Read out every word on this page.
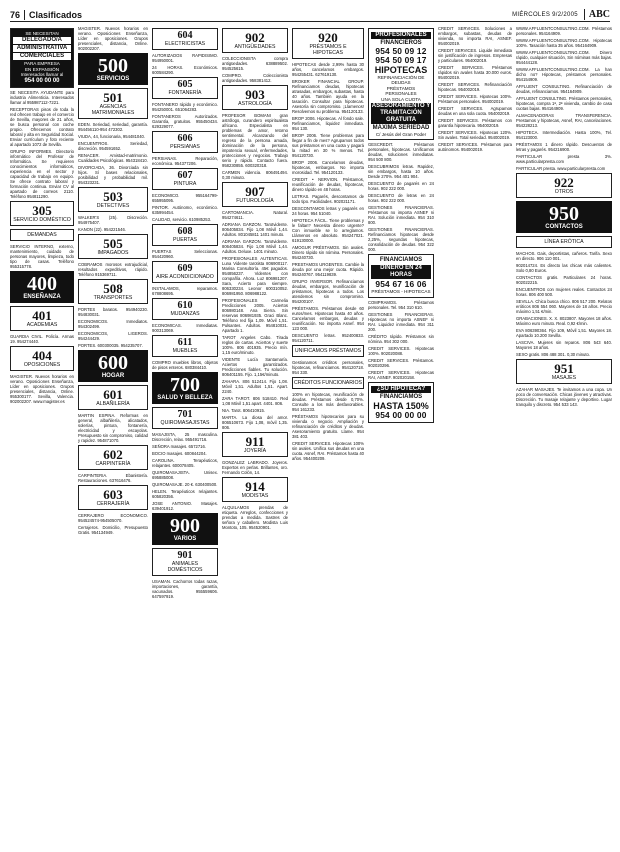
76	Clasificados	MIÉRCOLES 9/2/2005	ABC
SE NECESITAN
DELEGADO/A
ADMINISTRATIVA
COMERCIALES
PARA EMPRESA
EN EXPANSIÓN
Interesados llamar al
954 00 00 00

SE NECESITA AYUDANTE para industria Alimenticia. Interesados llamar al 955987112-7221.

RECEPTORAS pisos de toda la red ofrecen trabajo en el comercio de Sevilla, mayores de 21 años, se busca personal con coche propio. Ofrecemos contrato laboral y alta en Seguridad Social. Enviar currículum y foto reciente al apartado 1072 de Sevilla.

GRUPO INFORMES. Directorio informático del Profesor de Informática. Se requieren conocimientos informáticos, experiencia en el sector y capacidad de trabajo en equipo. Se ofrece contrato laboral y formación continua. Enviar CV al apartado de correos 2110. Teléfono 954811290.

305
SERVICIO DOMÉSTICO
DEMANDAS

SERVICIO INTERNO, externo, mantenimiento, cuidado de personas mayores, limpieza, todo tipo de casas. Teléfono 955315778.

400
ENSEÑANZA
401
ACADEMIAS

GUARDIA CIVIL. Policía. Armas 19. 954274440.

404
OPOSICIONES

MAGISTER. Nuevos horarios en verano. Oposiciones Enseñanza, Líder en oposiciones. Grupos presenciales, distancia, Online. 955300177. Sevilla, Valencia. 902002207. www.magister.es

MAGISTER. Nuevos horarios en verano. Oposiciones Enseñanza, Líder en oposiciones. Grupos presenciales, distancia, Online. 902002207.

500
SERVICIOS
501
AGENCIAS MATRIMONIALES

EDEN. Seriedad, seriedad, garantía. 954456110-954 472302.

VIUDA, 44, funcionaria, 954481040.

ENCUENTROS. Seriedad, discreción. 954591652.

RENACER. Amistad-matrimonio. Cualidades Psicológicas. 954318410.

DIVORCIADA, 36. Divorciada sin hijos. Sí bases relacionales, posibilidad y probabilidad mil. 954323231.

503
DETECTIVES

WALKER'S (25). Discreción. 954975407.

KANON (22). 954221546.

505
IMPAGADOS

COBRAMOS morosos extrajudicial, resultados expeditivos, rápido. Teléfono 915369711.

508
TRANSPORTES

PORTES baratos. 954940230. 954830031.

ECONOMICOS. Inmediatos. 954302499.

ECONOMICOS, LIGEROS. 954244429.

PORTES. 600300035. 954235707.

600
HOGAR
601
ALBAÑILERÍA

MARTIN ESPINA. Reformas en general, albañilería, alicatados, solerías, pintura, fontanería, electricidad y escayolas. Presupuesto sin compromiso, calidad y rapidez. 954871070.

602
CARPINTERÍA

CARPINTERIA. Ebanistería. Restauraciones. 637616476.

603
CERRAJERÍA

CERRAJERO ECONOMICO. 954524574-954505070.

Cerrajeros. Domicilio, Presupuesto Gratis. 954134949.

604
ELECTRICISTAS

AUTORIZADOS RAPIDISIMO. 954950001.

24 HORAS. Económicos. 600584290.

605
FONTANERÍA

FONTANERO rápido y económico. 954250001. 651064283.

FONTANEROS Autorizados. Garantía, gratuitos. 955450434. 629329077.

606
PERSIANAS

PERSIANAS. Reparación, económica. 954377206.

607
PINTURA

ECONOMICO. 955164799-655955095.

PINTOR. Autónomo, económico. 635994454.

CALIDAD, servicio. 610985253.

608
PUERTAS

PUERTAS Seleccionas. 954420960.

609
AIRE ACONDICIONADO

INSTALAMOS, reparamos. 678808695.

610
MUDANZAS

ECONOMICAS. Inmediatas. 900313069.

611
MUEBLES

COMPRO muebles libros, objetos de pisos enteros. 680384410.

700
SALUD Y BELLEZA
701
QUIROMASAJISTAS

MASAJISTA, 25 masculina. Discreción, relax. 955491716.

SEÑORA masajes. 6572716.

BOCIO masajes. 600844204.

CAROLINA. Terapéuticos, relajantes. 600078405.

QUIROMASAJISTA. Unisex. 695885008.

QUIROMASAJE. 20 €. 630400500.

HELEN. Terapéuticos relajantes. 605820356.

JOSE ANTONIO. Masajes. 639401912.

900
VARIOS
901
ANIMALES DOMÉSTICOS

USAMAN. Cachorros todas razas, importaciones, garantía, vacunados. 955559606. 647597919.

902
ANTIGÜEDADES

COLECCIONISTA compra antigüedades. 638889502. 954525615.

COMPRO. Coleccionista antigüedades. 958381412.

903
ASTROLOGÍA

PROFESOR BOMANI gran astrólogo, curandero espiritualista africano. Especialista en problemas de amor, retorno sentimental. Alcanzando del regreso de la persona amada, dominación de la persona, impotencia sexual, enfermedades, protecciones y negocios. Trabajo serio y rápido. Contacto fuera. 958230855. 600320318.

CARMEN videncia. 806491494. 0,30 minuto.

907
FUTUROLOGÍA

CARTOMANCIA. Natural. 954274611.

ADRIANA GARZON. Tarotvidente. 806405834. Fijo 1,08 Móvil 1,44. Adultos. 801045811 1401 minuto.

ADRIANA GARZON. Tarotvidente. 806405834. Fijo 1,08 Móvil 1,44. Adultos. Deluxe. 1401 minuto.

PROFESIONALES AUTENTICAS. Luna Vidente tarotista 806900117. Marisa Consultoría. 45€ pagados. 954856237. Videntes con compañía. Ahora. Luz 806981207. Sara, Acierto para siempre. 806330234. Leonor 600310052. 806981950. 806988122.

PROFESIONALES Carmelia Predicciones 2005. Aciertos 806980148. Ana Sierra. Sin reservas 806981935. Graci Blanc. Teléfono red fija 1,09. Móvil 1,51. Pulsantes. Adultos. 954810031. Apartado 1.

TAROT Angeles Cabo. Tirada reglos de cartas. Aciertos y suerte 100%. 806 401935. Precio mín. 1,15 euro/minuto.

VIDENTE Lucía Santamaría. Aciertos garantizados. Predicciones fiables. Tu solución. 806401155. Fijo. 1,15€/minuto.

ZAHARA. 806 512414. Fijo 1,08. Móvil 1,51. Adultos 1,51. Apart. 2240.

ZARA TAROT. 806 518410. Red 1,08 Móvil 1,51 apart. 4401. 806.

NIA. Tarot. 806410915.

MARTA. La diosa del amor. 806510673. Fijo 1,08, móvil 1,35. 806.

911
JOYERÍA

GONZALEZ LABRADO. Joyeros. Expertos en perlas. Brillantes, oro. Fernando Colón, 14.

914
MODISTAS

ALQUILAMOS prendas de etiqueta. Arreglos, confecciones y prendas a medida. Sastres de señora y caballero. Modista Luis Montoto, 105. 954520901.

920
PRÉSTAMOS E HIPOTECAS

HIPOTECAS desde 2,99% hasta 30 años, cancelamos embargos. 954255431. 627619130.

BROKER FINANCIAL GROUP. Refinanciamos deudas, hipotecas atrasadas, embargos, subastas, hasta 40 años. También ayuda en la tasación. Consultar para hipotecas. Asesoría sin compromiso. ¡Llamenos! Resolvemos su problema. 954120133.

BROP 2006. Hipotecas. Al fondo sale. Refinanciamos, liquidez inmediata. 954 130.

BROP 2006. Tiene problemas para llegar a fin de mes? Agrupamos todos sus préstamos en una cuota y pagará la mitad en 30 % menos. Tel. 954120730.

BROP 2006. Cancelamos deudas, hipotecas, embargos. No importa morosidad. Tel. 954120133.

CREDIT • NERVION. Préstamos, reunificación de deudas, hipotecas, dinero rápido en 48 horas.

LETRAS. Pagarés, descontamos de todo tipo. Facilidades. 902021171.

DESCONTAMOS letras y pagarés en 24 horas. 954 51040.

HIPOTECA FÁCIL. Tiene problemas y le faltan? Necesita dinero urgente? Con inmueble se lo arreglamos. Llámenos en absoluto. 954247021. 619130000.

AMOGUR PRÉSTAMOS. Sin avales. Dinero rápido sin nómina. Personales. 954240730.

PRESTAMOS URGENTES. Cambie la deuda por una mejor cuota. Rápido. 954240767. 954119839.

GRUPO INVERSOR. Refinanciamos deudas, embargos, reunificación de préstamos, hipotecas a todos. Los atendemos sin compromiso. 954200107.

PRÉSTAMOS. Préstamos desde 60 euros/mes. Hipotecas hasta 40 años. Cancelamos embargos, deudas y reunificación. No importa Asnef. 954 123 000.

DESCUENTO letras. 952400833. 954120711.

UNIFICAMOS PRÉSTAMOS

Gestionamos créditos personales, hipotecas, refinanciamos. 954120718. 954 330.

CRÉDITOS FUNCIONARIOS

100% en hipotecas, reunificación de deudas. Préstamos desde 0,70%. Consulte a los más desfavorables. 954 161233.

PRÉSTAMOS hipotecarios para su vivienda o negocio. Ampliación y refinanciación de créditos y deudas. Asesoramiento gratuito. Llame. 954 381 403.

CREDIT SERVICES. Hipotecas 100% sin avales. Unifica sus deudas en una cuota. Asnef, RAI. Préstamos hasta 40 años. 954400209.

PROFESIONALES
FINANCIEROS
954 50 09 12
954 50 09 17
HIPOTECAS
REFINANCIACIÓN DE DEUDAS
PRÉSTAMOS PERSONALES
UNA SOLA CUOTA
ASESORAMIENTO Y TRAMITACIÓN GRATUITA
MÁXIMA SERIEDAD
C/ Jesús del Gran Poder

GESCREDIT. Préstamos personales, hipotecas. Unificamos deudas, soluciones inmediatas. 954 500 800.

DESCUBRIMOS letras. Rapidez, sin embargos, hasta 10 años. Desde 270%. 954 401 904.

DESCUENTO de pagarés en 24 horas. 902 222 000.

DESCUENTO de letras en 24 horas. 902 222 000.

GESTIONES FINANCIERAS. Préstamos no importa ASNEF ni RAI. Solución inmediata. 954 310 800.

GESTIONES FINANCIERAS. Refinanciamos hipotecas desde 2,25%, segundas hipotecas, consolidación de deudas. 954 322 000.

FINANCIAMOS
DINERO EN 24 HORAS
954 67 16 06
PRÉSTAMOS - HIPOTECAS

COMPRAMOS. Préstamos personales. Tel. 954 310 610.

GESTIONES FINANCIERAS. Hipotecas no importa ASNEF ni RAI. Liquidez inmediata. 954 311 200.

CRÉDITO rápido. Préstamos sin nómina. 954 302 000.

CREDIT SERVICES. Hipotecas 100%. 902020088.

CREDIT SERVICES. Préstamos. 902020296.

CREDIT SERVICES. Hipotecas RAI, ASNEF. 902020158.

¿SU HIPOTECA?
FINANCIAMOS
HASTA 150%
954 00 00 00

CREDIT SERVICES. Soluciones a embargos, subastas, deudas de vivienda, no importa RAI, ASNEF. 954002019.

CREDIT SERVICES. Liquide inmediata sin justificación de ingresos. Empresas y particulares. 954002019.

CREDIT SERVICES. Préstamos rápidos sin avales hasta 30.000 euros. 954002019.

CREDIT SERVICES. Refinanciación hipotecas. 954002019.

CREDIT SERVICES. Hipotecas 100%. Préstamos personales. 954002019.

CREDIT SERVICES. Agrupamos deudas en una sola cuota. 954002019.

CREDIT SERVICES. Préstamos con garantía hipotecaria. 954002019.

CREDIT SERVICES. Hipotecas 120%. Sin avales. Total seriedad. 954002019.

CREDIT SERVICES. Préstamos para autónomos. 954002019.

WWW.AFFLUENTCONSULTING.COM. Préstamos personales. 954164909.

WWW.AFFLUENTCONSULTING.COM. Hipotecas 100%. Tasación hasta 35 años. 954164909.

WWW.AFFLUENTCONSULTING.COM. Dinero rápido, cualquier situación, Sin nóminas más bajas. 954444128.

WWW.AFFLUENTCONSULTING.COM. La han dicho no? Hipotecas, préstamos personales. 954154909.

AFFLUENT CONSULTING. Refinanciación de deudas, refinanciamos. 954164909.

AFFLUENT CONSULTING. Préstamos personales, hipotecas, compra 1ª, 2ª vivienda, cambio de casa cuotas bajas. 954164909.

ALMACENADORAS TRANSFERENCIA. Prestamos y hipotecas, Asnef, RAI, cancelaciones. 954228213.

HIPOTECA. Intermediación. Hasta 100%, Tel. 954123000.

PRÉSTAMOS 1 dinero rápido. Descuentos de letras y pagarés. 954216900.

PARTICULAR presta 3%. www.particularpresta.com

PARTICULAR presta. www.particularpresta.com

922
OTROS
950
CONTACTOS
LÍNEA ERÓTICA

MACHOS. Gais, deportistas, cañeros. Tarifa. Sexo en directo. 906 110 001.

902014724. Es directo las chicas más calientes. Solo 0,80 Euros.

CONTACTOS gratis. Particulares 24 horas. 902022215.

ENCUENTROS con mujeres reales. Contactos 24 horas. 806 400 500.

SEVILLA. Chica busca chico. 806 517 200. Relatos eróticos 806 554 060. Mayores de 18 años. Precio máximo 1,51 €/min.

GRABACIONES. X. X. 8023807. Mayores 18 años. Máximo euro minuto. Real. 0,92 €/min.

EVA 806390364. Fijo 109, Móvil 1,51. Mayores 18. Apartado 10.200 Sevilla.

LASCIVA. Mujeres sin reparos. 806 543 640. Mayores 18 años.

SEXO gratis. 806 488 301. 0,30 minuto.

951
MASAJES

AZAHAR MASAJES. Te invitamos a una copa. Un poco de conversación. Chicas jóvenes y atractivas. Discreción. Tu masaje relajante y deportivo. Lugar tranquilo y discreto. 954 533 143.
